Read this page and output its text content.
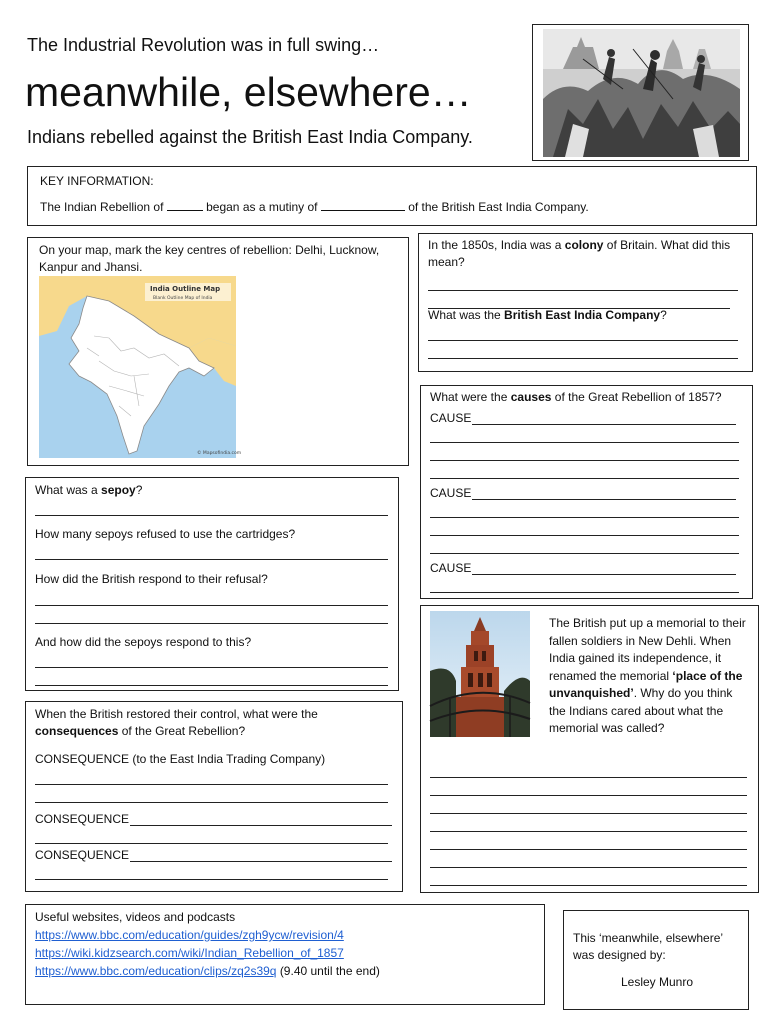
The Industrial Revolution was in full swing…
meanwhile, elsewhere…
Indians rebelled against the British East India Company.
KEY INFORMATION:
The Indian Rebellion of	began as a mutiny of	of the British East India Company.
On your map, mark the key centres of rebellion: Delhi, Lucknow, Kanpur and Jhansi.
India Outline Map
Blank Outline Map of India
© Mapsofindia.com
In the 1850s, India was a colony of Britain. What did this mean?
What was the British East India Company?
What were the causes of the Great Rebellion of 1857?
CAUSE
CAUSE
CAUSE
What was a sepoy?
How many sepoys refused to use the cartridges?
How did the British respond to their refusal?
And how did the sepoys respond to this?
The British put up a memorial to their fallen soldiers in New Dehli. When India gained its independence, it renamed the memorial ‘place of the unvanquished’. Why do you think the Indians cared about what the memorial was called?
When the British restored their control, what were the consequences of the Great Rebellion?
CONSEQUENCE (to the East India Trading Company)
CONSEQUENCE
CONSEQUENCE
Useful websites, videos and podcasts
https://www.bbc.com/education/guides/zgh9ycw/revision/4
https://wiki.kidzsearch.com/wiki/Indian_Rebellion_of_1857
https://www.bbc.com/education/clips/zq2s39q (9.40 until the end)
This ‘meanwhile, elsewhere’ was designed by:
Lesley Munro
